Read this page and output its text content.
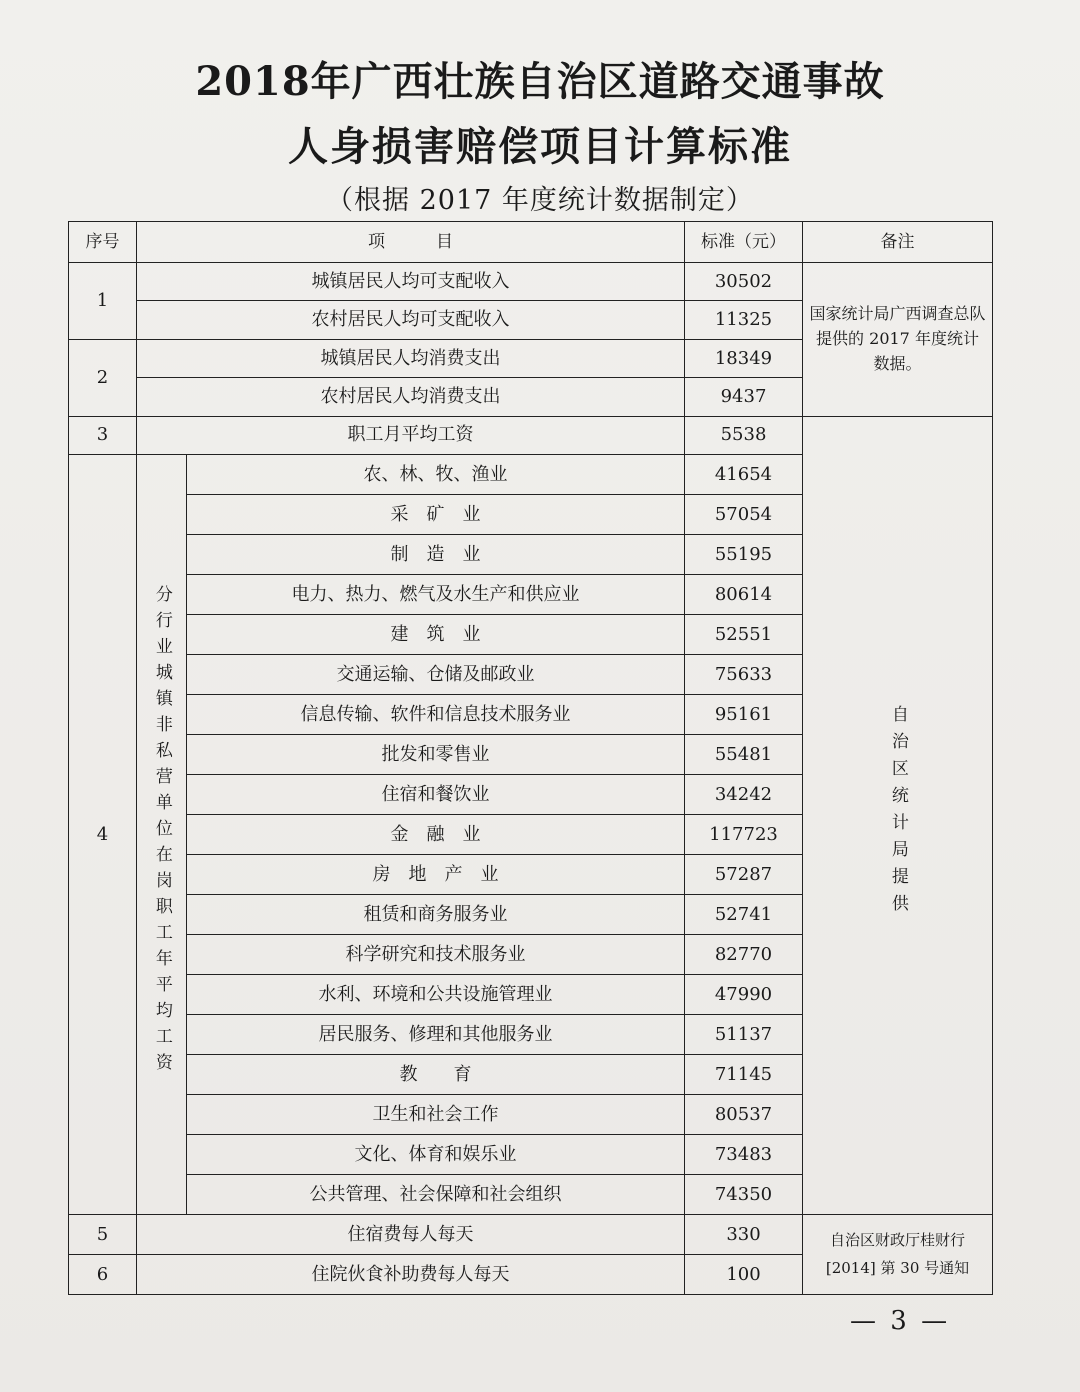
2018年广西壮族自治区道路交通事故
人身损害赔偿项目计算标准
（根据 2017 年度统计数据制定）
序号	项　　　目		标准（元）	备注
1	城镇居民人均可支配收入		30502	国家统计局广西调查总队提供的 2017 年度统计数据。

	农村居民人均可支配收入		11325	
2	城镇居民人均消费支出		18349	
	农村居民人均消费支出		9437	
3	职工月平均工资		5538	自治区统计局提供
4	分行业城镇非私营单位在岗职工年平均工资	农、林、牧、渔业	41654	
		采　矿　业	57054	
		制　造　业	55195	
		电力、热力、燃气及水生产和供应业	80614	
		建　筑　业	52551	
		交通运输、仓储及邮政业	75633	
		信息传输、软件和信息技术服务业	95161	
		批发和零售业	55481	
		住宿和餐饮业	34242	
		金　融　业	117723	
		房　地　产　业	57287	
		租赁和商务服务业	52741	
		科学研究和技术服务业	82770	
		水利、环境和公共设施管理业	47990	
		居民服务、修理和其他服务业	51137	
		教　　育	71145	
		卫生和社会工作	80537	
		文化、体育和娱乐业	73483	
		公共管理、社会保障和社会组织	74350	
5	住宿费每人每天		330	自治区财政厅桂财行
[2014] 第 30 号通知

6	住院伙食补助费每人每天		100	
— 3 —
